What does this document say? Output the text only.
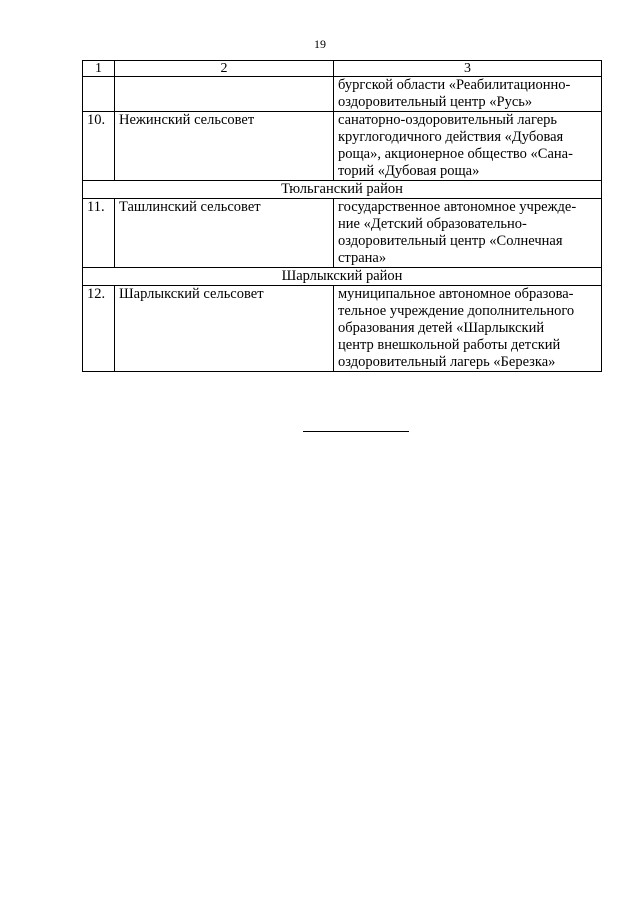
19
1	2	3

		бургской области «Реабилитационно-
оздоровительный центр «Русь»

10.	Нежинский сельсовет	санаторно-оздоровительный лагерь
круглогодичного действия «Дубовая
роща», акционерное общество «Сана-
торий «Дубовая роща»

Тюльганский район		
11.	Ташлинский сельсовет	государственное автономное учрежде-
ние «Детский образовательно-
оздоровительный центр «Солнечная
страна»

Шарлыкский район		
12.	Шарлыкский сельсовет	муниципальное автономное образова-
тельное учреждение дополнительного
образования детей «Шарлыкский
центр внешкольной работы детский
оздоровительный лагерь «Березка»
